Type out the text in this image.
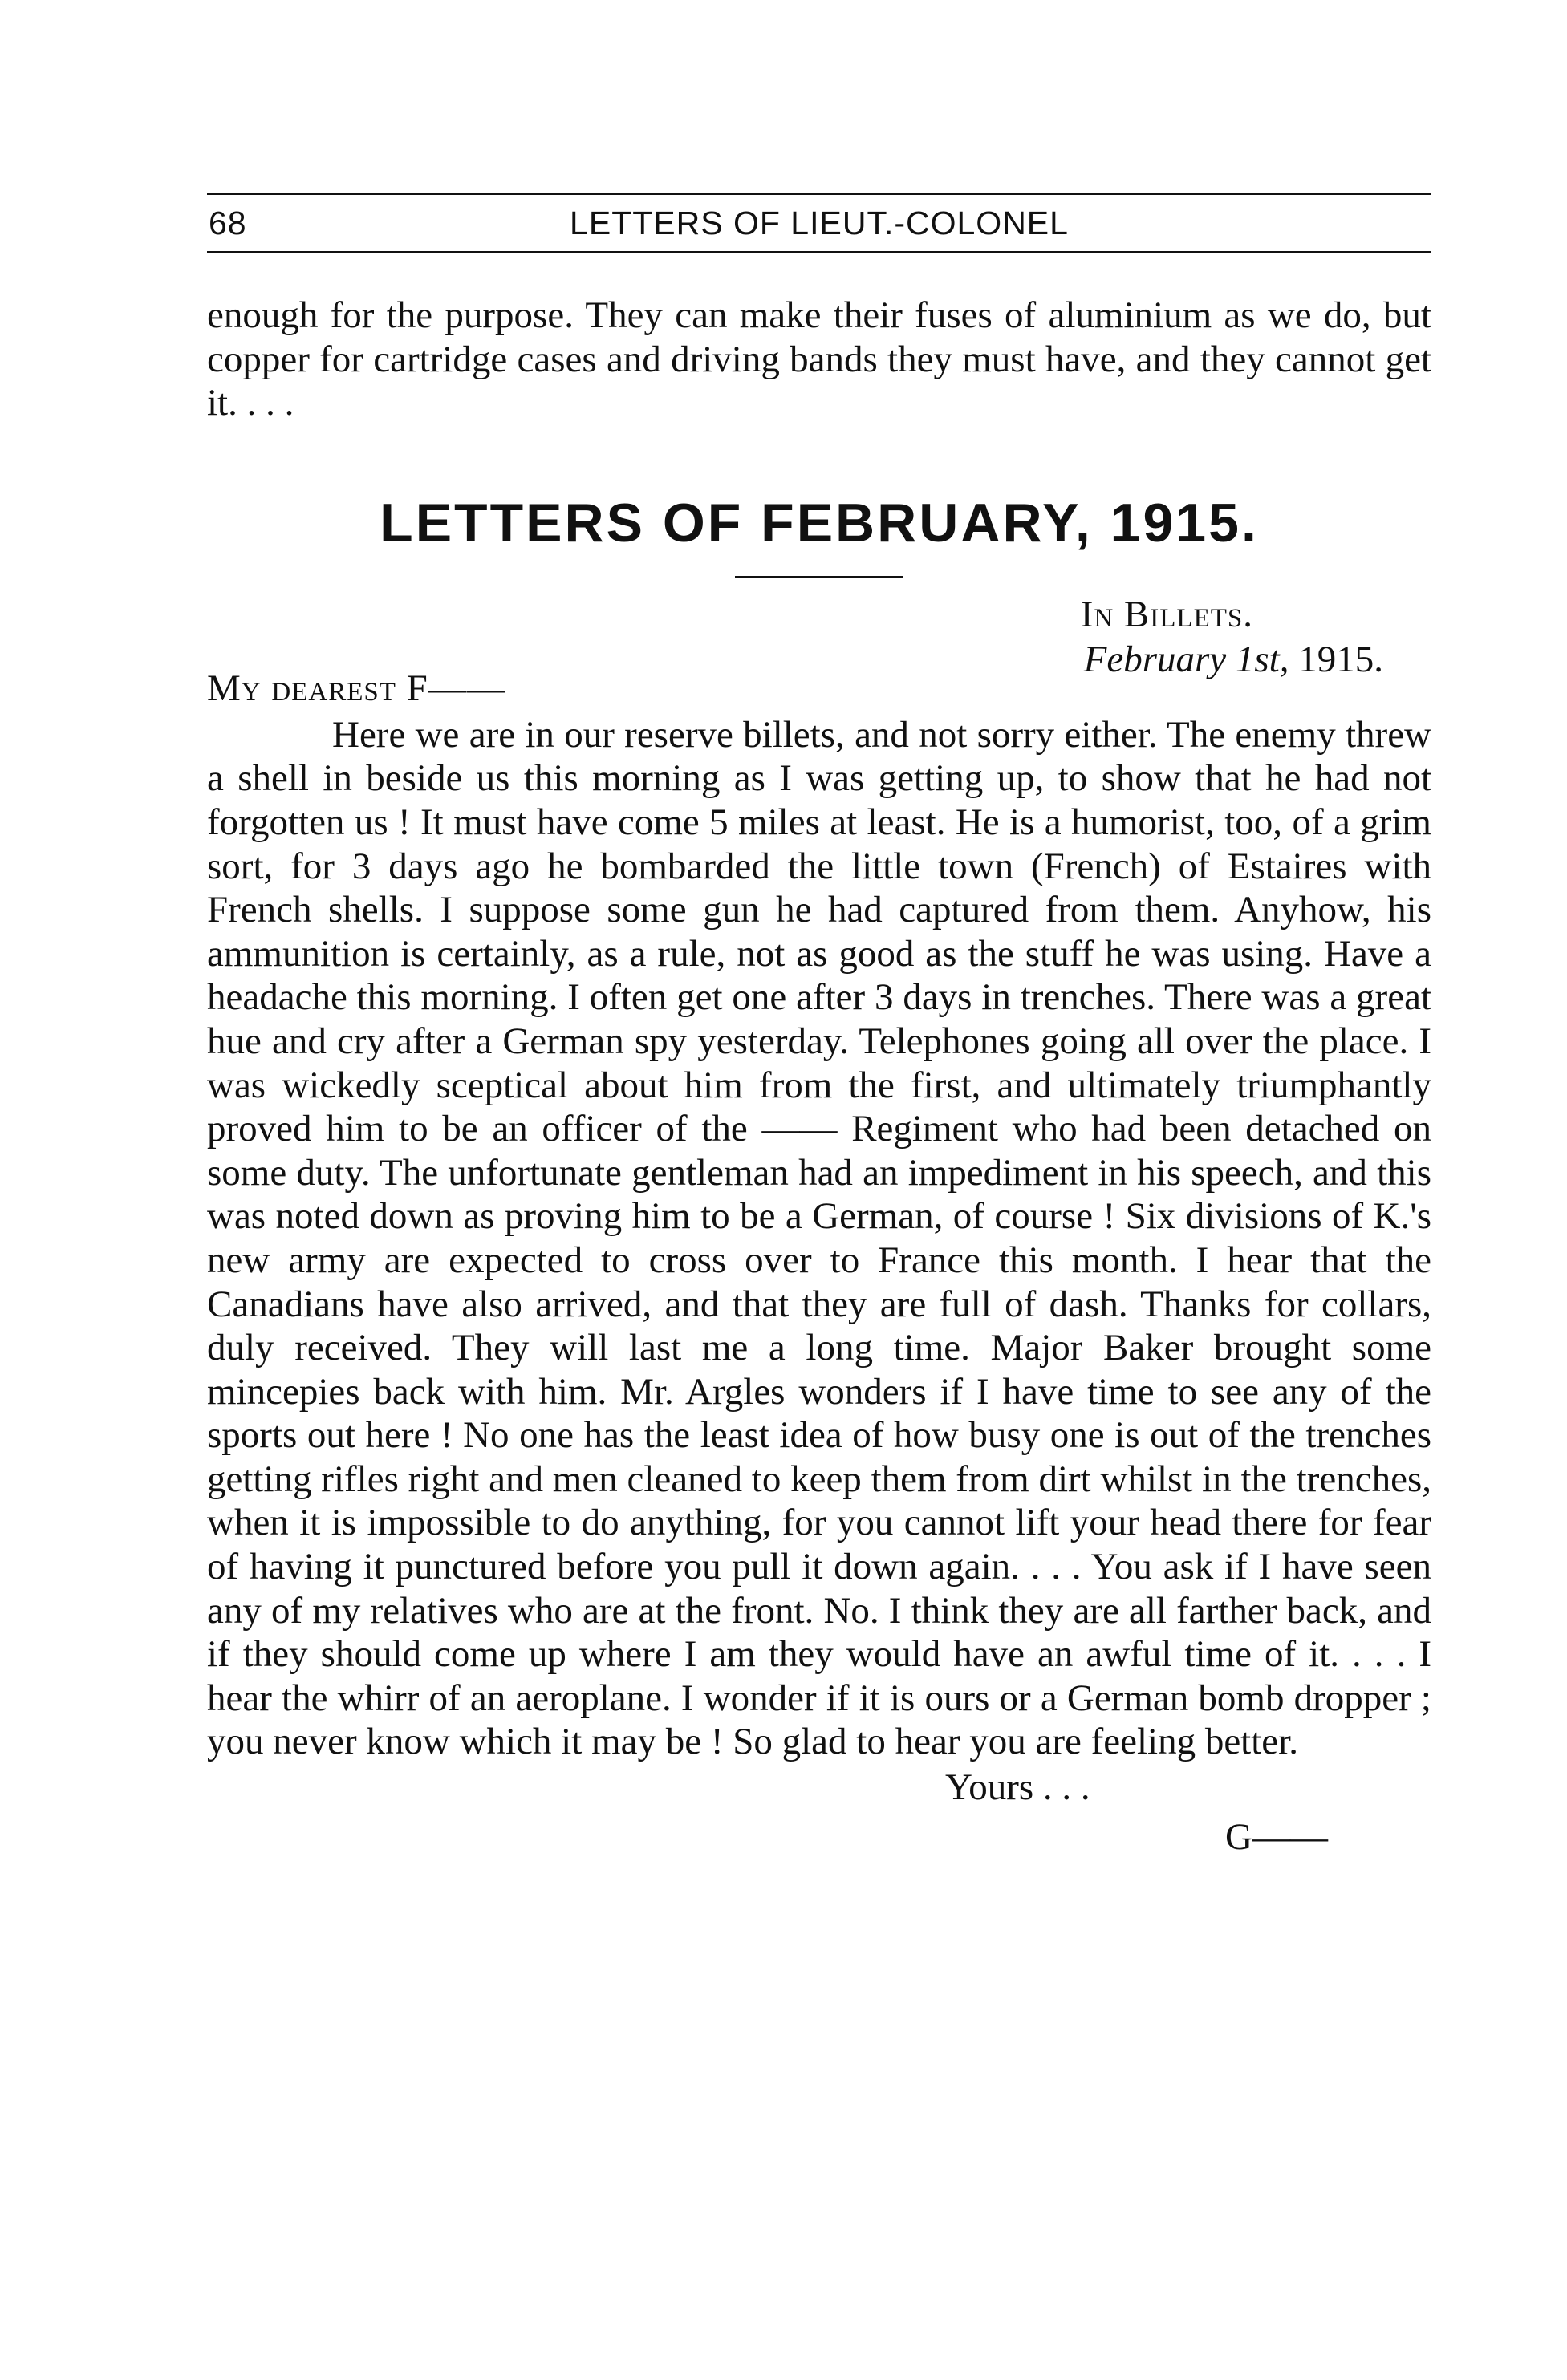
68	LETTERS OF LIEUT.-COLONEL

enough for the purpose. They can make their fuses of aluminium as we do, but copper for cartridge cases and driving bands they must have, and they cannot get it. . . .

LETTERS OF FEBRUARY, 1915.
In Billets.
February 1st, 1915.
My dearest F——

Here we are in our reserve billets, and not sorry either. The enemy threw a shell in beside us this morning as I was getting up, to show that he had not forgotten us ! It must have come 5 miles at least. He is a humorist, too, of a grim sort, for 3 days ago he bombarded the little town (French) of Estaires with French shells. I suppose some gun he had captured from them. Anyhow, his ammunition is certainly, as a rule, not as good as the stuff he was using. Have a headache this morning. I often get one after 3 days in trenches. There was a great hue and cry after a German spy yesterday. Telephones going all over the place. I was wickedly sceptical about him from the first, and ultimately triumphantly proved him to be an officer of the —— Regiment who had been detached on some duty. The unfortunate gentleman had an impediment in his speech, and this was noted down as proving him to be a German, of course ! Six divisions of K.'s new army are expected to cross over to France this month. I hear that the Canadians have also arrived, and that they are full of dash. Thanks for collars, duly received. They will last me a long time. Major Baker brought some mincepies back with him. Mr. Argles wonders if I have time to see any of the sports out here ! No one has the least idea of how busy one is out of the trenches getting rifles right and men cleaned to keep them from dirt whilst in the trenches, when it is impossible to do anything, for you cannot lift your head there for fear of having it punctured before you pull it down again. . . . You ask if I have seen any of my relatives who are at the front. No. I think they are all farther back, and if they should come up where I am they would have an awful time of it. . . . I hear the whirr of an aeroplane. I wonder if it is ours or a German bomb dropper ; you never know which it may be ! So glad to hear you are feeling better.

Yours . . .
G——
